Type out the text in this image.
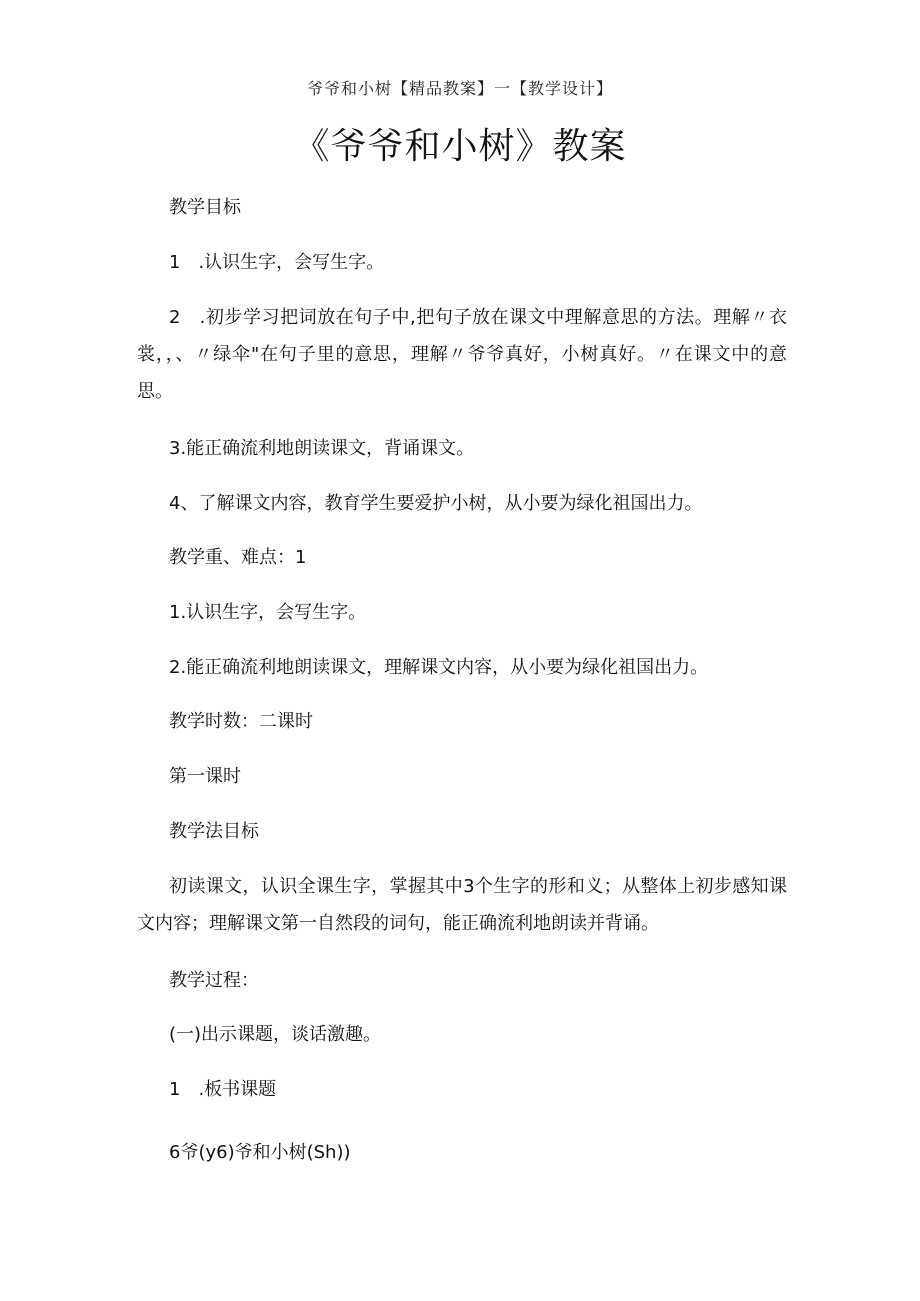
爷爷和小树【精品教案】一【教学设计】
《爷爷和小树》教案
教学目标
1　.认识生字，会写生字。
2　.初步学习把词放在句子中,把句子放在课文中理解意思的方法。理解〃衣裳，，、〃绿伞"在句子里的意思，理解〃爷爷真好，小树真好。〃在课文中的意思。
3.能正确流利地朗读课文，背诵课文。
4、了解课文内容，教育学生要爱护小树，从小要为绿化祖国出力。
教学重、难点：1
1.认识生字，会写生字。
2.能正确流利地朗读课文，理解课文内容，从小要为绿化祖国出力。
教学时数：二课时
第一课时
教学法目标
初读课文，认识全课生字，掌握其中3个生字的形和义；从整体上初步感知课文内容；理解课文第一自然段的词句，能正确流利地朗读并背诵。
教学过程：
(一)出示课题，谈话激趣。
1　.板书课题
6爷(y6)爷和小树(Sh))
